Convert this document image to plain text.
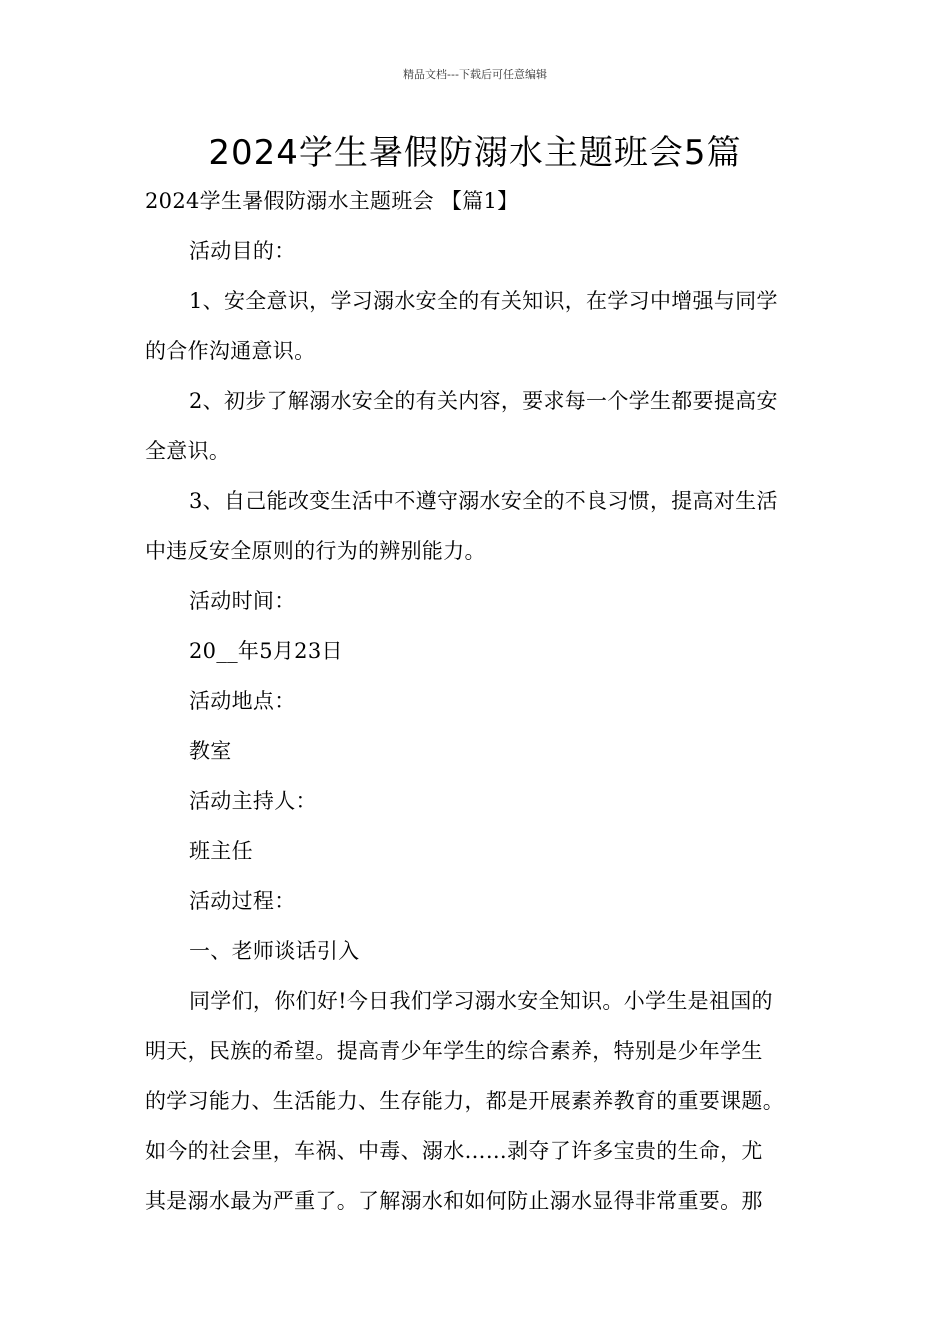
精品文档---下载后可任意编辑
2024学生暑假防溺水主题班会5篇
2024学生暑假防溺水主题班会 【篇1】
活动目的：
1、安全意识，学习溺水安全的有关知识，在学习中增强与同学
的合作沟通意识。
2、初步了解溺水安全的有关内容，要求每一个学生都要提高安
全意识。
3、自己能改变生活中不遵守溺水安全的不良习惯，提高对生活
中违反安全原则的行为的辨别能力。
活动时间：
20__年5月23日
活动地点：
教室
活动主持人：
班主任
活动过程：
一、老师谈话引入
同学们，你们好!今日我们学习溺水安全知识。小学生是祖国的
明天，民族的希望。提高青少年学生的综合素养，特别是少年学生
的学习能力、生活能力、生存能力，都是开展素养教育的重要课题。
如今的社会里，车祸、中毒、溺水……剥夺了许多宝贵的生命，尤
其是溺水最为严重了。了解溺水和如何防止溺水显得非常重要。那
